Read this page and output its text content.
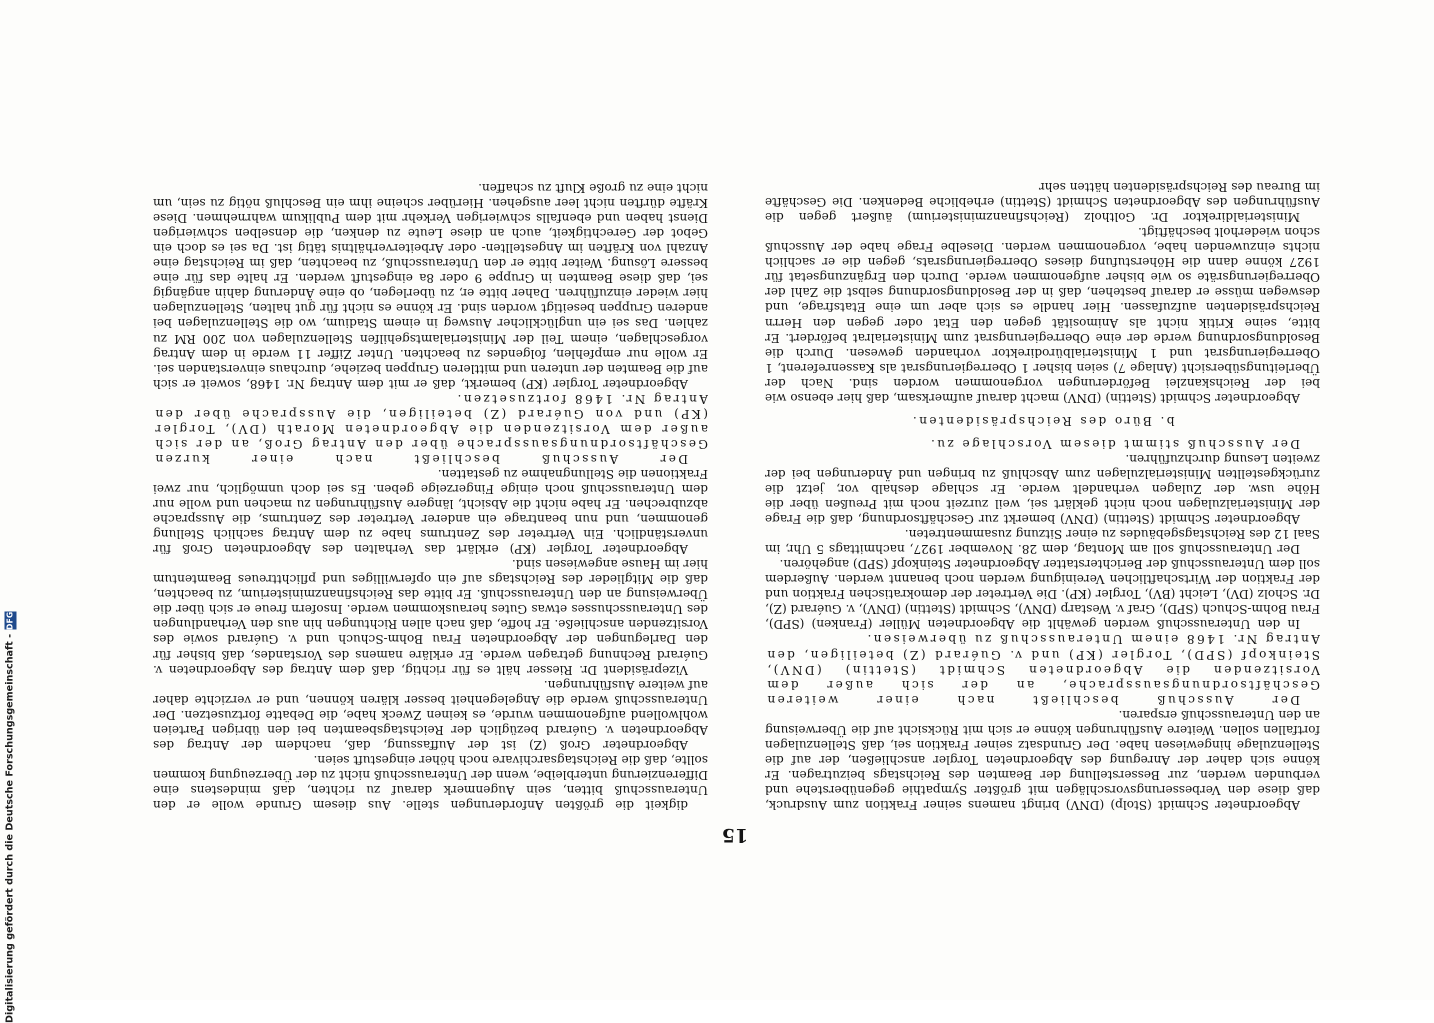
15

Abgeordneter Schmidt (Stolp) (DNV) bringt namens seiner Fraktion zum Ausdruck, daß diese den Verbesserungsvorschlägen mit größter Sympathie gegenüberstehe und verbunden werden, zur Besserstellung der Beamten des Reichstags beizutragen. Er könne sich daher der Anregung des Abgeordneten Torgler anschließen, der auf die Stellenzulage hingewiesen habe. Der Grundsatz seiner Fraktion sei, daß Stellenzulagen fortfallen sollen. Weitere Ausführungen könne er sich mit Rücksicht auf die Überweisung an den Unterausschuß ersparen.

Der Ausschuß beschließt nach einer weiteren Geschäftsordnungsaussprache, an der sich außer dem Vorsitzenden die Abgeordneten Schmidt (Stettin) (DNV), Steinkopf (SPD), Torgler (KP) und v. Guérard (Z) beteiligen, den Antrag Nr. 1468 einem Unterausschuß zu überweisen.

In den Unterausschuß werden gewählt die Abgeordneten Müller (Franken) (SPD), Frau Bohm-Schuch (SPD), Graf v. Westarp (DNV), Schmidt (Stettin) (DNV), v. Guérard (Z), Dr. Scholz (DV), Leicht (BV), Torgler (KP). Die Vertreter der demokratischen Fraktion und der Fraktion der Wirtschaftlichen Vereinigung werden noch benannt werden. Außerdem soll dem Unterausschuß der Berichterstatter Abgeordneter Steinkopf (SPD) angehören.

Der Unterausschuß soll am Montag, dem 28. November 1927, nachmittags 5 Uhr, im Saal 12 des Reichstagsgebäudes zu einer Sitzung zusammentreten.

Abgeordneter Schmidt (Stettin) (DNV) bemerkt zur Geschäftsordnung, daß die Frage der Ministerialzulagen noch nicht geklärt sei, weil zurzeit noch mit Preußen über die Höhe usw. der Zulagen verhandelt werde. Er schlage deshalb vor, jetzt die zurückgestellten Ministerialzulagen zum Abschluß zu bringen und Änderungen bei der zweiten Lesung durchzuführen.

Der Ausschuß stimmt diesem Vorschlage zu.

b. Büro des Reichspräsidenten.

Abgeordneter Schmidt (Stettin) (DNV) macht darauf aufmerksam, daß hier ebenso wie bei der Reichskanzlei Beförderungen vorgenommen worden sind. Nach der Überleitungsübersicht (Anlage 7) seien bisher 1 Oberregierungsrat als Kassenreferent, 1 Oberregierungsrat und 1 Ministerialbürodirektor vorhanden gewesen. Durch die Besoldungsordnung werde der eine Oberregierungsrat zum Ministerialrat befördert. Er bitte, seine Kritik nicht als Animosität gegen den Etat oder gegen den Herrn Reichspräsidenten aufzufassen. Hier handle es sich aber um eine Etatsfrage, und deswegen müsse er darauf bestehen, daß in der Besoldungsordnung selbst die Zahl der Oberregierungsräte so wie bisher aufgenommen werde. Durch den Ergänzungsetat für 1927 könne dann die Höherstufung dieses Oberregierungsrats, gegen die er sachlich nichts einzuwenden habe, vorgenommen werden. Dieselbe Frage habe der Ausschuß schon wiederholt beschäftigt.

Ministerialdirektor Dr. Goltholz (Reichsfinanzministerium) äußert gegen die Ausführungen des Abgeordneten Schmidt (Stettin) erhebliche Bedenken. Die Geschäfte im Bureau des Reichspräsidenten hätten sehr

digkeit die größten Anforderungen stelle. Aus diesem Grunde wolle er den Unterausschuß bitten, sein Augenmerk darauf zu richten, daß mindestens eine Differenzierung unterbleibe, wenn der Unterausschuß nicht zu der Überzeugung kommen sollte, daß die Reichstagsarchivare noch höher eingestuft seien.

Abgeordneter Groß (Z) ist der Auffassung, daß, nachdem der Antrag des Abgeordneten v. Guérard bezüglich der Reichstagsbeamten bei den übrigen Parteien wohlwollend aufgenommen wurde, es keinen Zweck habe, die Debatte fortzusetzen. Der Unterausschuß werde die Angelegenheit besser klären können, und er verzichte daher auf weitere Ausführungen.

Vizepräsident Dr. Riesser hält es für richtig, daß dem Antrag des Abgeordneten v. Guérard Rechnung getragen werde. Er erkläre namens des Vorstandes, daß bisher für den Darlegungen der Abgeordneten Frau Bohm-Schuch und v. Guérard sowie des Vorsitzenden anschließe. Er hoffe, daß nach allen Richtungen hin aus den Verhandlungen des Unterausschusses etwas Gutes herauskommen werde. Insofern freue er sich über die Überweisung an den Unterausschuß. Er bitte das Reichsfinanzministerium, zu beachten, daß die Mitglieder des Reichstags auf ein opferwilliges und pflichttreues Beamtentum hier im Hause angewiesen sind.

Abgeordneter Torgler (KP) erklärt das Verhalten des Abgeordneten Groß für unverständlich. Ein Vertreter des Zentrums habe zu dem Antrag sachlich Stellung genommen, und nun beantrage ein anderer Vertreter des Zentrums, die Aussprache abzubrechen. Er habe nicht die Absicht, längere Ausführungen zu machen und wolle nur dem Unterausschuß noch einige Fingerzeige geben. Es sei doch unmöglich, nur zwei Fraktionen die Stellungnahme zu gestatten.

Der Ausschuß beschließt nach einer kurzen Geschäftsordnungsaussprache über den Antrag Groß, an der sich außer dem Vorsitzenden die Abgeordneten Morath (DV), Torgler (KP) und von Guérard (Z) beteiligen, die Aussprache über den Antrag Nr. 1468 fortzusetzen.

Abgeordneter Torgler (KP) bemerkt, daß er mit dem Antrag Nr. 1468, soweit er sich auf die Beamten der unteren und mittleren Gruppen beziehe, durchaus einverstanden sei. Er wolle nur empfehlen, folgendes zu beachten. Unter Ziffer 11 werde in dem Antrag vorgeschlagen, einem Teil der Ministerialamtsgehilfen Stellenzulagen von 200 RM zu zahlen. Das sei ein unglücklicher Ausweg in einem Stadium, wo die Stellenzulagen bei anderen Gruppen beseitigt worden sind. Er könne es nicht für gut halten, Stellenzulagen hier wieder einzuführen. Daher bitte er, zu überlegen, ob eine Änderung dahin angängig sei, daß diese Beamten in Gruppe 9 oder 8a eingestuft werden. Er halte das für eine bessere Lösung. Weiter bitte er den Unterausschuß, zu beachten, daß im Reichstag eine Anzahl von Kräften im Angestellten- oder Arbeiterverhältnis tätig ist. Da sei es doch ein Gebot der Gerechtigkeit, auch an diese Leute zu denken, die denselben schwierigen Dienst haben und ebenfalls schwierigen Verkehr mit dem Publikum wahrnehmen. Diese Kräfte dürften nicht leer ausgehen. Hierüber scheine ihm ein Beschluß nötig zu sein, um nicht eine zu große Kluft zu schaffen.

Digitalisierung gefördert durch die Deutsche Forschungsgemeinschaft -
DFG
